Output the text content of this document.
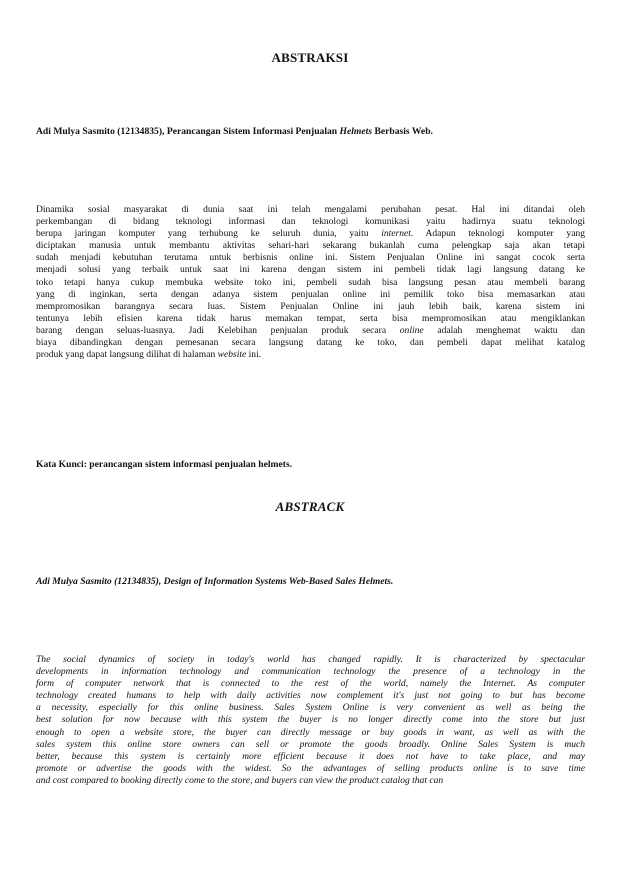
ABSTRAKSI
Adi Mulya Sasmito (12134835), Perancangan Sistem Informasi Penjualan Helmets Berbasis Web.
Dinamika sosial masyarakat di dunia saat ini telah mengalami perubahan pesat. Hal ini ditandai oleh
perkembangan di bidang teknologi informasi dan teknologi komunikasi yaitu hadirnya suatu teknologi
berupa jaringan komputer yang terhubung ke seluruh dunia, yaitu internet. Adapun teknologi komputer yang
diciptakan manusia untuk membantu aktivitas sehari-hari sekarang bukanlah cuma pelengkap saja akan tetapi
sudah menjadi kebutuhan terutama untuk berbisnis online ini. Sistem Penjualan Online ini sangat cocok serta
menjadi solusi yang terbaik untuk saat ini karena dengan sistem ini pembeli tidak lagi langsung datang ke
toko tetapi hanya cukup membuka website toko ini, pembeli sudah bisa langsung pesan atau membeli barang
yang di inginkan, serta dengan adanya sistem penjualan online ini pemilik toko bisa memasarkan atau
mempromosikan barangnya secara luas. Sistem Penjualan Online ini jauh lebih baik, karena sistem ini
tentunya lebih efisien karena tidak harus memakan tempat, serta bisa mempromosikan atau mengiklankan
barang dengan seluas-luasnya. Jadi Kelebihan penjualan produk secara online adalah menghemat waktu dan
biaya dibandingkan dengan pemesanan secara langsung datang ke toko, dan pembeli dapat melihat katalog
produk yang dapat langsung dilihat di halaman website ini.
Kata Kunci: perancangan sistem informasi penjualan helmets.
ABSTRACK
Adi Mulya Sasmito (12134835), Design of Information Systems Web-Based Sales Helmets.
The social dynamics of society in today's world has changed rapidly. It is characterized by spectacular
developments in information technology and communication technology the presence of a technology in the
form of computer network that is connected to the rest of the world, namely the Internet. As computer
technology created humans to help with daily activities now complement it's just not going to but has become
a necessity, especially for this online business. Sales System Online is very convenient as well as being the
best solution for now because with this system the buyer is no longer directly come into the store but just
enough to open a website store, the buyer can directly message or buy goods in want, as well as with the
sales system this online store owners can sell or promote the goods broadly. Online Sales System is much
better, because this system is certainly more efficient because it does not have to take place, and may
promote or advertise the goods with the widest. So the advantages of selling products online is to save time
and cost compared to booking directly come to the store, and buyers can view the product catalog that can
